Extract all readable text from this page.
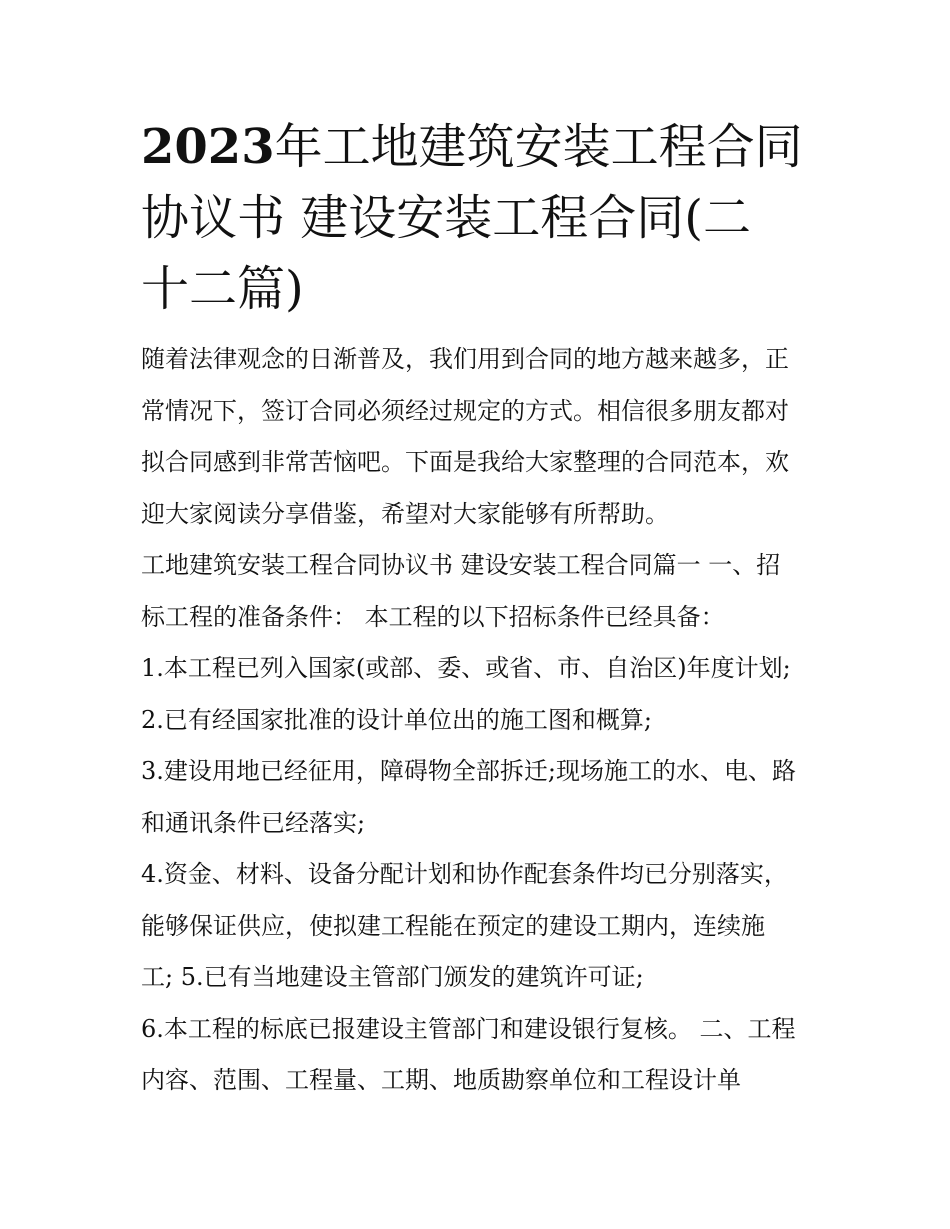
2023年工地建筑安装工程合同
协议书 建设安装工程合同(二
十二篇)
随着法律观念的日渐普及，我们用到合同的地方越来越多，正
常情况下，签订合同必须经过规定的方式。相信很多朋友都对
拟合同感到非常苦恼吧。下面是我给大家整理的合同范本，欢
迎大家阅读分享借鉴，希望对大家能够有所帮助。
工地建筑安装工程合同协议书 建设安装工程合同篇一 一、招
标工程的准备条件： 本工程的以下招标条件已经具备：
1.本工程已列入国家(或部、委、或省、市、自治区)年度计划;
2.已有经国家批准的设计单位出的施工图和概算;
3.建设用地已经征用，障碍物全部拆迁;现场施工的水、电、路
和通讯条件已经落实;
4.资金、材料、设备分配计划和协作配套条件均已分别落实，
能够保证供应，使拟建工程能在预定的建设工期内，连续施
工; 5.已有当地建设主管部门颁发的建筑许可证;
6.本工程的标底已报建设主管部门和建设银行复核。 二、工程
内容、范围、工程量、工期、地质勘察单位和工程设计单
